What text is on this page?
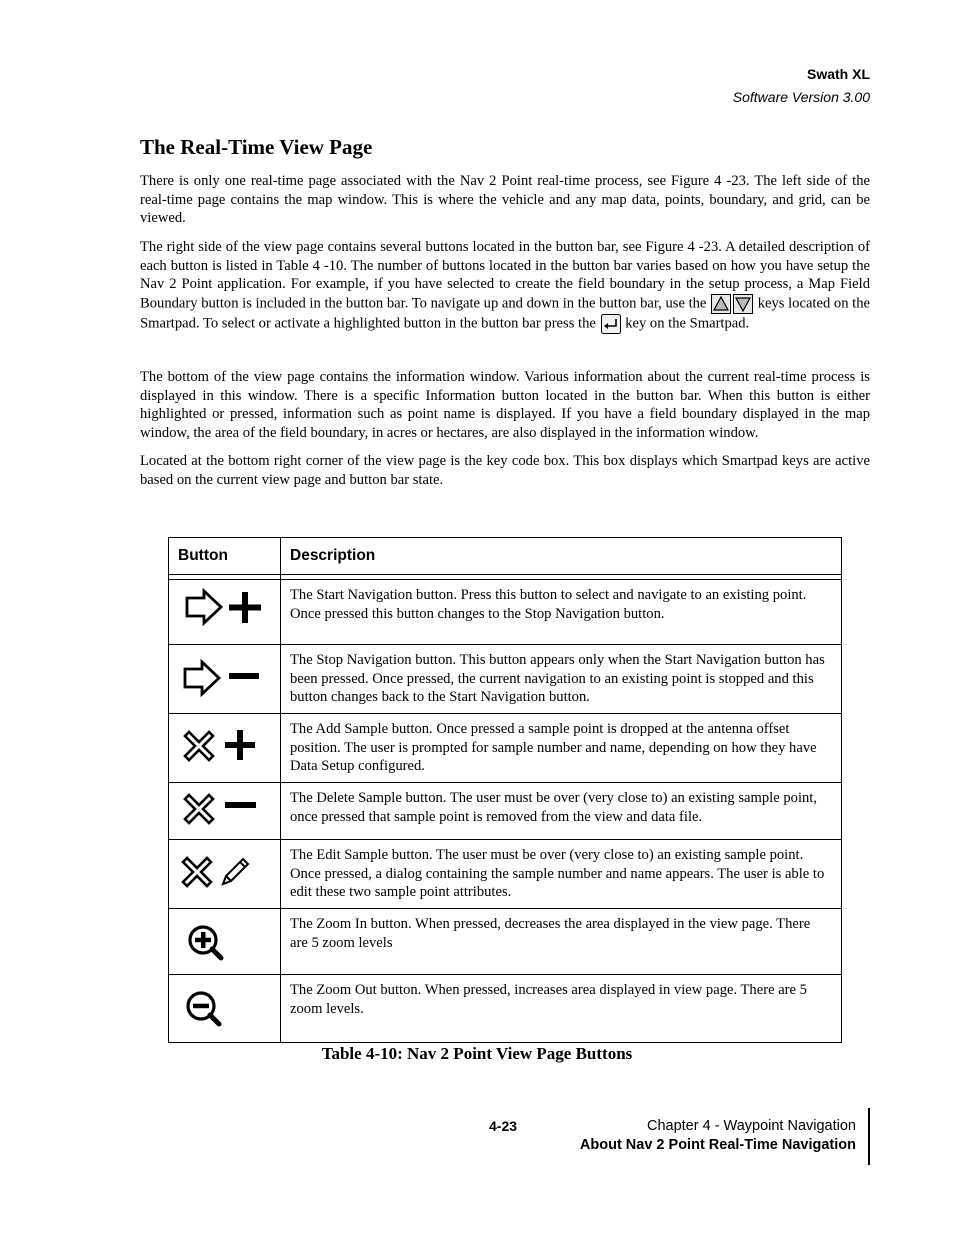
Swath XL
Software Version 3.00
The Real-Time View Page

There is only one real-time page associated with the Nav 2 Point real-time process, see Figure 4 -23. The left side of the real-time page contains the map window. This is where the vehicle and any map data, points, boundary, and grid, can be viewed.

The right side of the view page contains several buttons located in the button bar, see Figure 4 -23. A detailed description of each button is listed in Table 4 -10. The number of buttons located in the button bar varies based on how you have setup the Nav 2 Point application. For example, if you have selected to create the field boundary in the setup process, a Map Field Boundary button is included in the button bar. To navigate up and down in the button bar, use the	keys located on the Smartpad. To select or activate a highlighted button in the button bar press the key on the Smartpad.

The bottom of the view page contains the information window. Various information about the current real-time process is displayed in this window. There is a specific Information button located in the button bar. When this button is either highlighted or pressed, information such as point name is displayed. If you have a field boundary displayed in the map window, the area of the field boundary, in acres or hectares, are also displayed in the information window.

Located at the bottom right corner of the view page is the key code box. This box displays which Smartpad keys are active based on the current view page and button bar state.

Button	Description

	The Start Navigation button. Press this button to select and navigate to an existing point. Once pressed this button changes to the Stop Navigation button.

	The Stop Navigation button. This button appears only when the Start Navigation button has been pressed. Once pressed, the current navigation to an existing point is stopped and this button changes back to the Start Navigation button.

	The Add Sample button. Once pressed a sample point is dropped at the antenna offset position. The user is prompted for sample number and name, depending on how they have Data Setup configured.

	The Delete Sample button. The user must be over (very close to) an existing sample point, once pressed that sample point is removed from the view and data file.

	The Edit Sample button. The user must be over (very close to) an existing sample point. Once pressed, a dialog containing the sample number and name appears. The user is able to edit these two sample point attributes.

	The Zoom In button. When pressed, decreases the area displayed in the view page. There are 5 zoom levels

	The Zoom Out button. When pressed, increases area displayed in view page. There are 5 zoom levels.
Table 4-10: Nav 2 Point View Page Buttons
4-23	Chapter 4 - Waypoint Navigation
About Nav 2 Point Real-Time Navigation
